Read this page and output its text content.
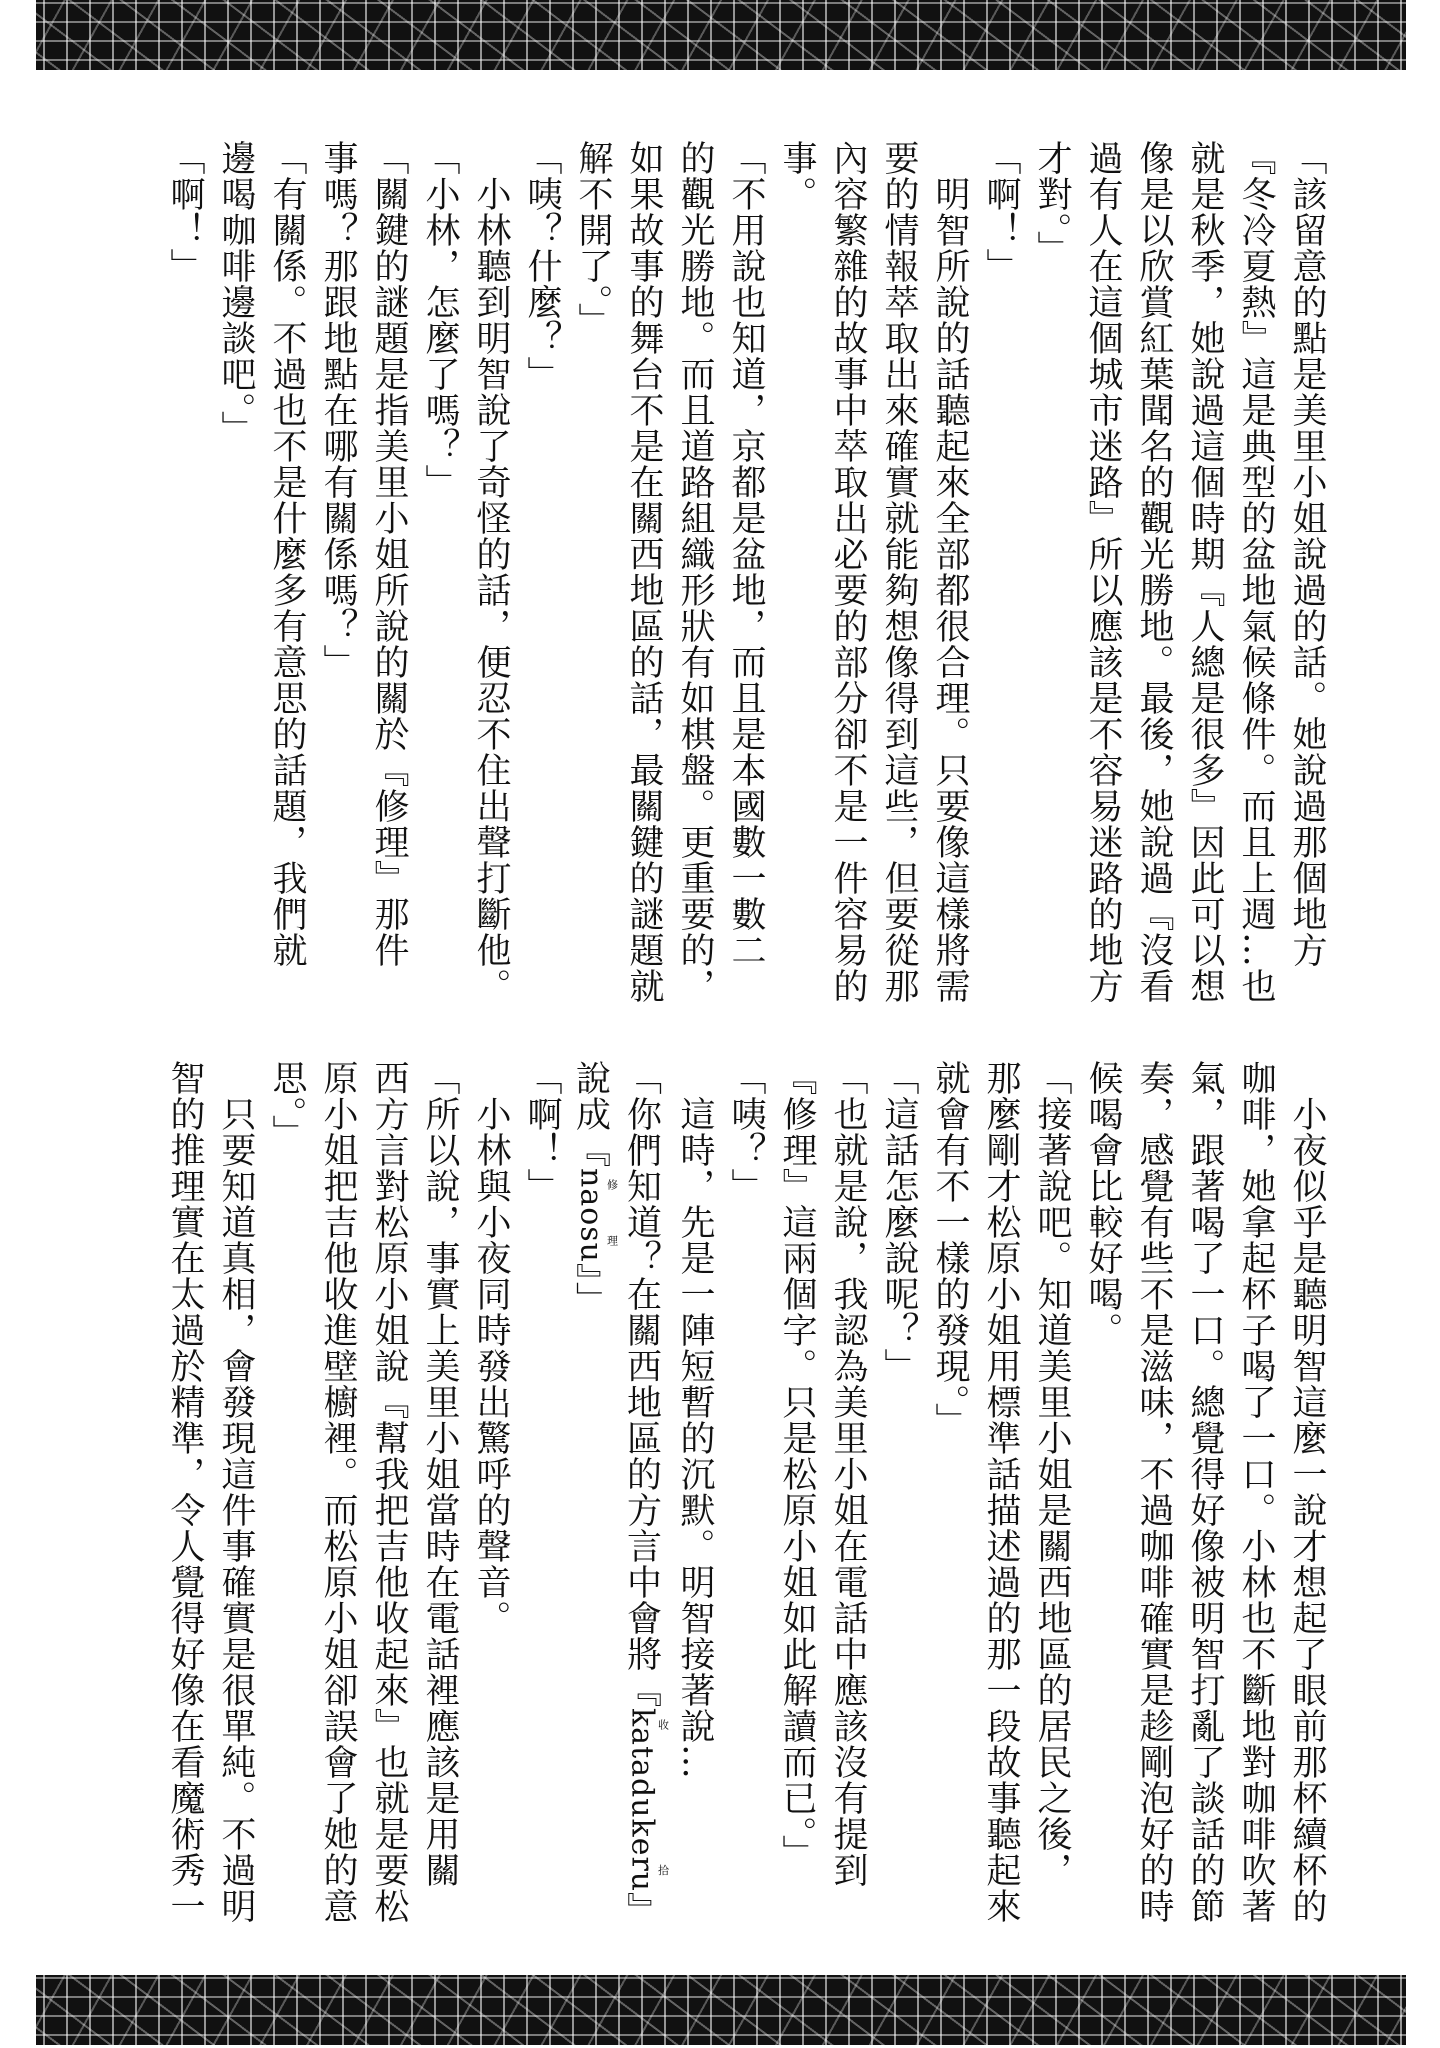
「該留意的點是美里小姐說過的話。她說過那個地方
『冬冷夏熱』這是典型的盆地氣候條件。而且上週…也
就是秋季，她說過這個時期『人總是很多』因此可以想
像是以欣賞紅葉聞名的觀光勝地。最後，她說過『沒看
過有人在這個城市迷路』所以應該是不容易迷路的地方
才對。」
「啊！」
　明智所說的話聽起來全部都很合理。只要像這樣將需
要的情報萃取出來確實就能夠想像得到這些，但要從那
內容繁雜的故事中萃取出必要的部分卻不是一件容易的
事。
「不用說也知道，京都是盆地，而且是本國數一數二
的觀光勝地。而且道路組織形狀有如棋盤。更重要的，
如果故事的舞台不是在關西地區的話，最關鍵的謎題就
解不開了。」
「咦？什麼？」
　小林聽到明智說了奇怪的話，便忍不住出聲打斷他。
「小林，怎麼了嗎？」
「關鍵的謎題是指美里小姐所說的關於『修理』那件
事嗎？那跟地點在哪有關係嗎？」
「有關係。不過也不是什麼多有意思的話題，我們就
邊喝咖啡邊談吧。」
「啊！」
　小夜似乎是聽明智這麼一說才想起了眼前那杯續杯的
咖啡，她拿起杯子喝了一口。小林也不斷地對咖啡吹著
氣，跟著喝了一口。總覺得好像被明智打亂了談話的節
奏，感覺有些不是滋味，不過咖啡確實是趁剛泡好的時
候喝會比較好喝。
「接著說吧。知道美里小姐是關西地區的居民之後，
那麼剛才松原小姐用標準話描述過的那一段故事聽起來
就會有不一樣的發現。」
「這話怎麼說呢？」
「也就是說，我認為美里小姐在電話中應該沒有提到
『修理』這兩個字。只是松原小姐如此解讀而已。」
「咦？」
　這時，先是一陣短暫的沉默。明智接著說…
「你們知道？在關西地區的方言中會將『katadukeru收拾』
說成『naosu修理』」
「啊！」
　小林與小夜同時發出驚呼的聲音。
「所以說，事實上美里小姐當時在電話裡應該是用關
西方言對松原小姐說『幫我把吉他收起來』也就是要松
原小姐把吉他收進壁櫥裡。而松原小姐卻誤會了她的意
思。」
　只要知道真相，會發現這件事確實是很單純。不過明
智的推理實在太過於精準，令人覺得好像在看魔術秀一
